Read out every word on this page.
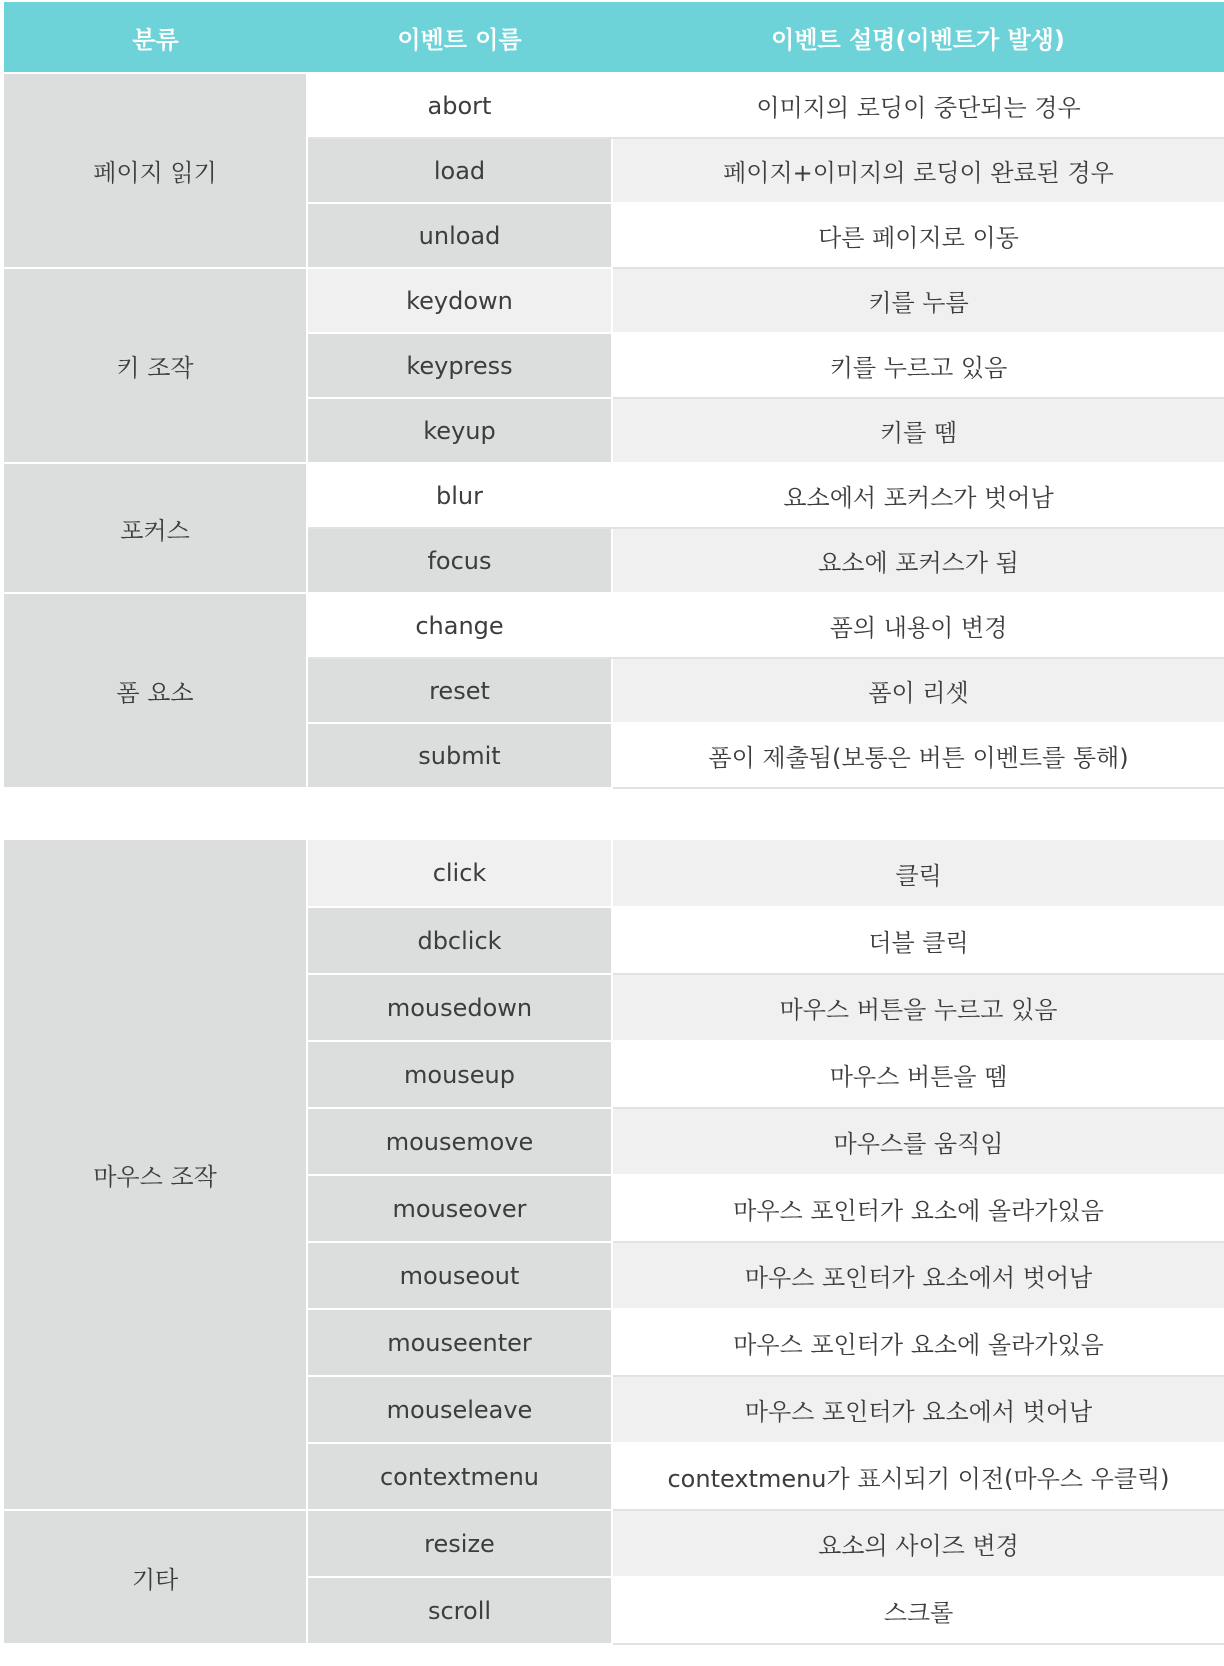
분류	이벤트 이름	이벤트 설명(이벤트가 발생)
페이지 읽기	abort	이미지의 로딩이 중단되는 경우
	load	페이지+이미지의 로딩이 완료된 경우
	unload	다른 페이지로 이동
키 조작	keydown	키를 누름
	keypress	키를 누르고 있음
	keyup	키를 뗌
포커스	blur	요소에서 포커스가 벗어남
	focus	요소에 포커스가 됨
폼 요소	change	폼의 내용이 변경
	reset	폼이 리셋
	submit	폼이 제출됨(보통은 버튼 이벤트를 통해)
마우스 조작	click	클릭
	dbclick	더블 클릭
	mousedown	마우스 버튼을 누르고 있음
	mouseup	마우스 버튼을 뗌
	mousemove	마우스를 움직임
	mouseover	마우스 포인터가 요소에 올라가있음
	mouseout	마우스 포인터가 요소에서 벗어남
	mouseenter	마우스 포인터가 요소에 올라가있음
	mouseleave	마우스 포인터가 요소에서 벗어남
	contextmenu	contextmenu가 표시되기 이전(마우스 우클릭)
기타	resize	요소의 사이즈 변경
	scroll	스크롤
